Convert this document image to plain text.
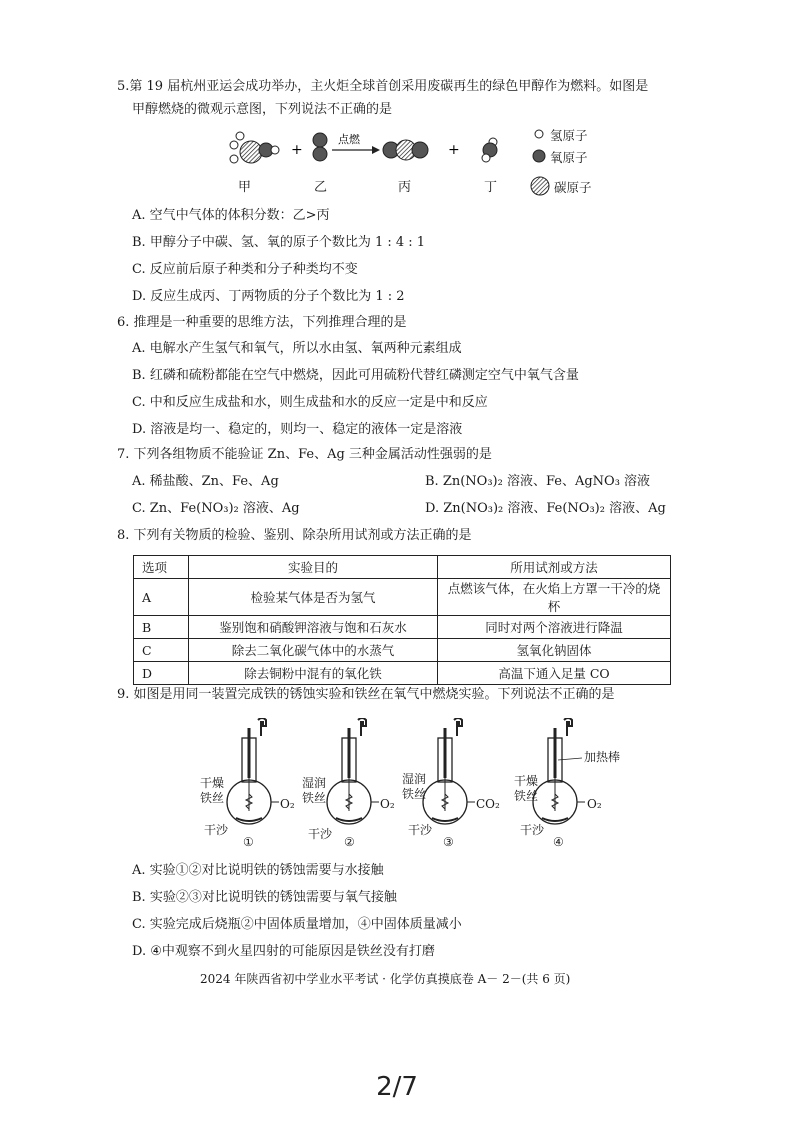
5.第 19 届杭州亚运会成功举办，主火炬全球首创采用废碳再生的绿色甲醇作为燃料。如图是
甲醇燃烧的微观示意图，下列说法不正确的是
+
点燃
+
甲	乙	丙	丁
氢原子
氧原子
碳原子
A. 空气中气体的体积分数：乙>丙
B. 甲醇分子中碳、氢、氧的原子个数比为 1 : 4 : 1
C. 反应前后原子种类和分子种类均不变
D. 反应生成丙、丁两物质的分子个数比为 1 : 2
6. 推理是一种重要的思维方法，下列推理合理的是
A. 电解水产生氢气和氧气，所以水由氢、氧两种元素组成
B. 红磷和硫粉都能在空气中燃烧，因此可用硫粉代替红磷测定空气中氧气含量
C. 中和反应生成盐和水，则生成盐和水的反应一定是中和反应
D. 溶液是均一、稳定的，则均一、稳定的液体一定是溶液
7. 下列各组物质不能验证 Zn、Fe、Ag 三种金属活动性强弱的是
A. 稀盐酸、Zn、Fe、Ag	B. Zn(NO₃)₂ 溶液、Fe、AgNO₃ 溶液
C. Zn、Fe(NO₃)₂ 溶液、Ag	D. Zn(NO₃)₂ 溶液、Fe(NO₃)₂ 溶液、Ag
8. 下列有关物质的检验、鉴别、除杂所用试剂或方法正确的是
选项	实验目的	所用试剂或方法
A	检验某气体是否为氢气	点燃该气体，在火焰上方罩一干冷的烧杯
B	鉴别饱和硝酸钾溶液与饱和石灰水	同时对两个溶液进行降温
C	除去二氧化碳气体中的水蒸气	氢氧化钠固体
D	除去铜粉中混有的氧化铁	高温下通入足量 CO
9. 如图是用同一装置完成铁的锈蚀实验和铁丝在氧气中燃烧实验。下列说法不正确的是
干燥
铁丝	O₂
干沙
①
湿润
铁丝	O₂
干沙
②
湿润
铁丝
CO₂
干沙
③
加热棒
干燥
铁丝
O₂
干沙
④
A. 实验①②对比说明铁的锈蚀需要与水接触
B. 实验②③对比说明铁的锈蚀需要与氧气接触
C. 实验完成后烧瓶②中固体质量增加，④中固体质量减小
D. ④中观察不到火星四射的可能原因是铁丝没有打磨
2024 年陕西省初中学业水平考试 · 化学仿真摸底卷 A－ 2－(共 6 页)
2/7
